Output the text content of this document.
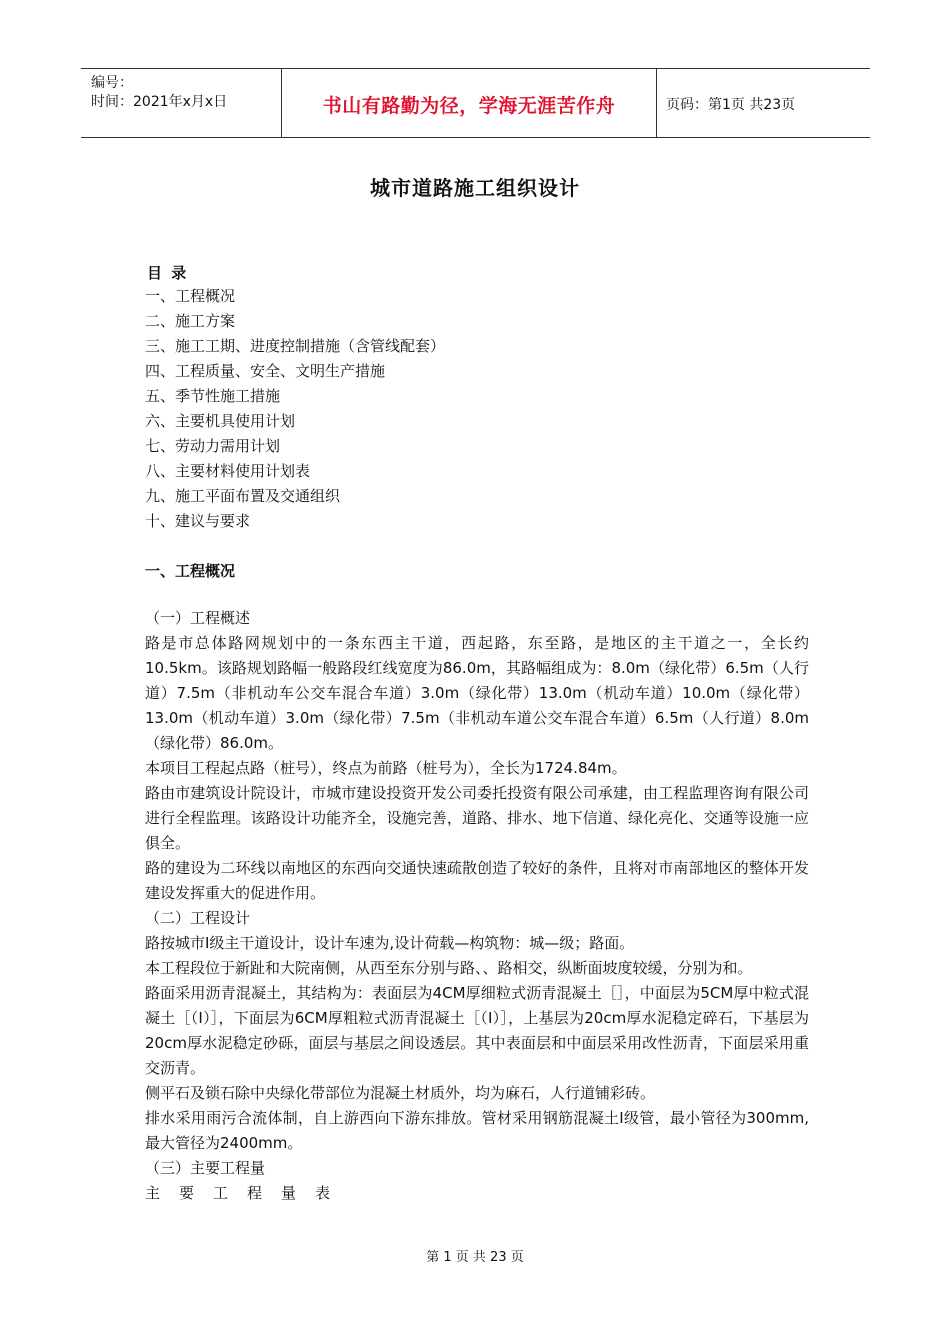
编号：
时间：2021年x月x日	书山有路勤为径，学海无涯苦作舟	页码：第1页 共23页
城市道路施工组织设计
目 录
一、工程概况
二、施工方案
三、施工工期、进度控制措施（含管线配套）
四、工程质量、安全、文明生产措施
五、季节性施工措施
六、主要机具使用计划
七、劳动力需用计划
八、主要材料使用计划表
九、施工平面布置及交通组织
十、建议与要求
一、工程概况

（一）工程概述

路是市总体路网规划中的一条东西主干道，西起路，东至路，是地区的主干道之一，全长约10.5km。该路规划路幅一般路段红线宽度为86.0m，其路幅组成为：8.0m（绿化带）6.5m（人行道）7.5m（非机动车公交车混合车道）3.0m（绿化带）13.0m（机动车道）10.0m（绿化带）13.0m（机动车道）3.0m（绿化带）7.5m（非机动车道公交车混合车道）6.5m（人行道）8.0m（绿化带）86.0m。

本项目工程起点路（桩号），终点为前路（桩号为），全长为1724.84m。

路由市建筑设计院设计，市城市建设投资开发公司委托投资有限公司承建，由工程监理咨询有限公司进行全程监理。该路设计功能齐全，设施完善，道路、排水、地下信道、绿化亮化、交通等设施一应俱全。

路的建设为二环线以南地区的东西向交通快速疏散创造了较好的条件，且将对市南部地区的整体开发建设发挥重大的促进作用。

（二）工程设计

路按城市Ⅰ级主干道设计，设计车速为,设计荷载—构筑物：城—级；路面。

本工程段位于新趾和大院南侧，从西至东分别与路、、路相交，纵断面坡度较缓，分别为和。

路面采用沥青混凝土，其结构为：表面层为4CM厚细粒式沥青混凝土［］，中面层为5CM厚中粒式混凝土［（I）］，下面层为6CM厚粗粒式沥青混凝土［（I）］，上基层为20cm厚水泥稳定碎石，下基层为20cm厚水泥稳定砂砾，面层与基层之间设透层。其中表面层和中面层采用改性沥青，下面层采用重交沥青。

侧平石及锁石除中央绿化带部位为混凝土材质外，均为麻石，人行道铺彩砖。

排水采用雨污合流体制，自上游西向下游东排放。管材采用钢筋混凝土Ⅰ级管，最小管径为300mm,最大管径为2400mm。

（三）主要工程量

主要工程量表

第 1 页 共 23 页
